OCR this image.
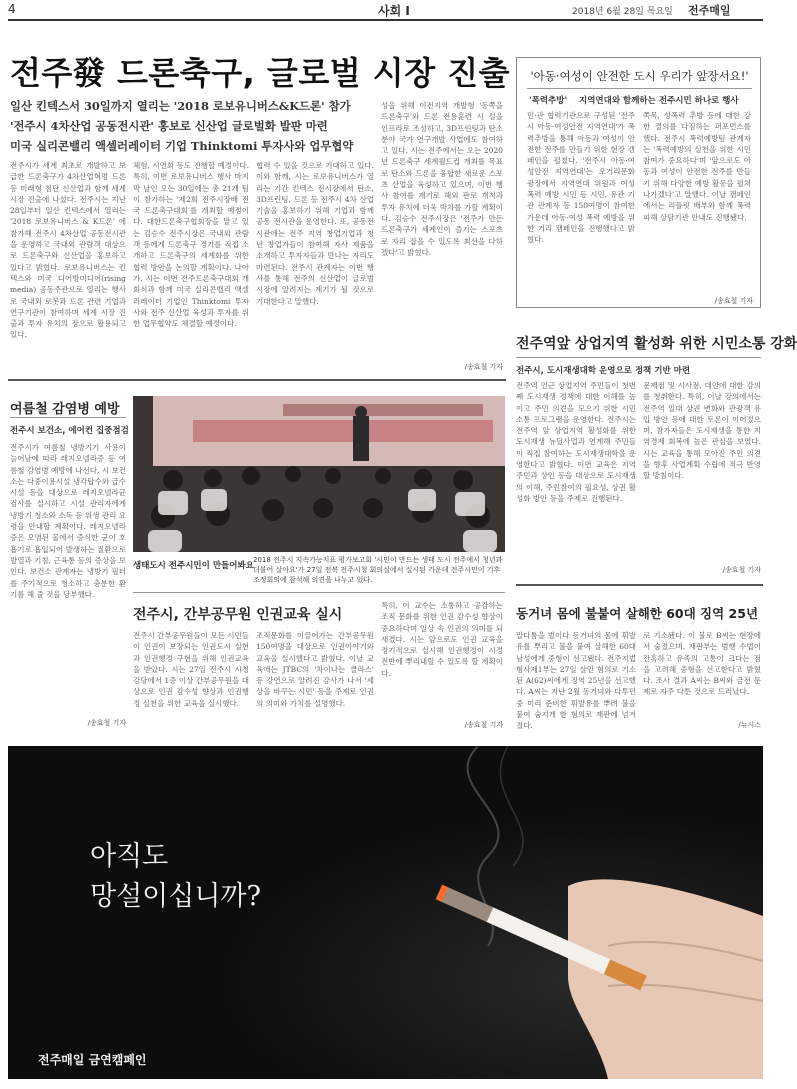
4	사회 I	2018년 6월 28일 목요일 전주매일
전주發 드론축구, 글로벌 시장 진출
일산 킨텍스서 30일까지 열리는 '2018 로보유니버스&K드론' 참가
'전주시 4차산업 공동전시관' 홍보로 신산업 글로벌화 발판 마련
미국 실리콘밸리 액셀러레이터 기업 Thinktomi 투자사와 업무협약
전주시가 세계 최초로 개발하고 보급한 드론축구가 4차산업혁명 드론등 미래형 첨단 신산업과 함께 세계 시장 진출에 나섰다. 전주시는 지난 28일부터 일산 킨텍스에서 열리는 '2018 로보유니버스 & K드론' 에 참가해 전주시 4차산업 공동전시관을 운영하고 국내외 관람객 대상으로 드론축구와 신산업을 홍보하고 있다고 밝혔다. 로보유니버스는 킨텍스와 미국 디어방미디어(rising media) 공동주관으로 열리는 행사로 국내외 로봇과 드론 관련 기업과 연구기관이 참여하며 세계 시장 진출과 투자 유치의 장으로 활용되고 있다.
체험, 시연회 등도 진행할 예정이다. 특히, 이번 로보유니버스 행사 마지막 날인 오는 30일에는 총 21개 팀이 참가하는 '제2회 전주시장배 전국 드론축구대회'를 개최할 예정이다. 대한드론축구협회장을 맡고 있는 김승수 전주시장은 국내외 관람객 등에게 드론축구 경기를 직접 소개하고 드론축구의 세계화를 위한 협력 방안을 논의할 계획이다. 나아가, 시는 이번 전주드론축구대회 개회식과 함께 미국 실리콘밸리 액셀러레이터 기업인 Thinktomi 투자사와 전주 신산업 육성과 투자를 위한 업무협약도 체결할 예정이다.
협력 수 있을 것으로 기대하고 있다. 이와 함께, 시는 로보유니버스가 열리는 기간 킨텍스 전시장에서 탄소, 3D프린팅, 드론 등 전주시 4차 산업 기술을 홍보하기 위해 기업과 함께 공동 전시관을 운영한다. 또, 공동전시관에는 전주 지역 창업기업과 청년 창업가들이 참여해 자사 제품을 소개하고 투자자들과 만나는 자리도 마련된다. 전주시 관계자는 이번 행사를 통해 전주의 신산업이 글로벌 시장에 알려지는 계기가 될 것으로 기대한다고 말했다.
성을 위해 이전지역 개발형 '동쪽을 드론축구'와 드론 전용훈련 시 설을 인프라로 조성하고, 3D프린팅과 탄소 분야 국가 연구개발 사업에도 참여하고 있다. 시는 전주에서는 오는 2020년 드론축구 세계월드컵 개최를 목표로 탄소와 드론을 융합한 새로운 스포츠 산업을 육성하고 있으며, 이번 행사 참여를 계기로 해외 판로 개척과 투자 유치에 더욱 박차를 가할 계획이다. 김승수 전주시장은 '전주가 만든 드론축구가 세계인이 즐기는 스포츠로 자리 잡을 수 있도록 최선을 다하겠다'고 밝혔다.
/송효철 기자
'아동·여성이 안전한 도시 우리가 앞장서요!'
'폭력추방' 지역연대와 함께하는 전주시민 하나로 행사
민·관 협력기관으로 구성된 '전주시 아동·여성안전 지역연대'가 폭력추방을 통해 아동과 여성이 안전한 전주를 만들기 위한 현장 캠페인을 펼쳤다. '전주시 아동·여성안전 지역연대'는 오거리문화광장에서 지역연대 위원과 여성폭력 예방 시민 등 시민, 유관 기관 관계자 등 150여명이 참여한 가운데 아동·여성 폭력 예방을 위한 거리 캠페인을 진행했다고 밝혔다.
쪽목, 성폭력 추방 등에 대한 강한 결의를 다짐하는 퍼포먼스를 했다. 전주시 폭력예방팀 관계자는 '폭력예방의 실천을 위한 시민 참여가 중요하다'며 '앞으로도 아동과 여성이 안전한 전주를 만들기 위해 다양한 예방 활동을 펼쳐 나가겠다'고 말했다. 이날 캠페인에서는 리플릿 배부와 함께 폭력 피해 상담기관 안내도 진행됐다.
/송효철 기자
전주역앞 상업지역 활성화 위한 시민소통 강화
전주시, 도시재생대학 운영으로 정책 기반 마련
전주역 인근 상업지역 주민들이 첫번째 도시재생 정책에 대한 이해를 높이고 주민 의견을 모으기 위한 시민소통 프로그램을 운영한다. 전주시는 전주역 앞 상업지역 활성화를 위한 도시재생 뉴딜사업과 연계해 주민들이 직접 참여하는 도시재생대학을 운영한다고 밝혔다. 이번 교육은 지역 주민과 상인 등을 대상으로 도시재생의 이해, 주민참여의 필요성, 상권 활성화 방안 등을 주제로 진행된다.
문제점 및 시사점, 대안에 대한 강의를 청취한다. 특히, 이날 강의에서는 전주역 일대 상권 변화와 관광객 유입 방안 등에 대한 토론이 이어졌으며, 참가자들은 도시재생을 통한 지역경제 회복에 높은 관심을 보였다. 시는 교육을 통해 모아진 주민 의견을 향후 사업계획 수립에 적극 반영할 방침이다.
/송효철 기자
여름철 감염병 예방
전주시 보건소, 에어컨 집중점검
전주시가 여름철 냉방기기 사용이 늘어남에 따라 레지오넬라증 등 여름철 감염병 예방에 나선다. 시 보건소는 다중이용시설 냉각탑수와 급수시설 등을 대상으로 레지오넬라균 검사를 실시하고 시설 관리자에게 냉방기 청소와 소독 등 위생 관리 요령을 안내할 계획이다. 레지오넬라증은 오염된 물에서 증식한 균이 호흡기로 흡입되어 발생하는 질환으로 발열과 기침, 근육통 등의 증상을 보인다. 보건소 관계자는 냉방기 필터를 주기적으로 청소하고 충분한 환기를 해 줄 것을 당부했다.
/송효철 기자
생태도시 전주시민이 만들어봐요
2018 전주시 지속가능지표 평가보고회 '시민이 만드는 생태 도시 전주에서 청년과 더불어 살아요'가 27일 전북 전주시청 회의실에서 실시된 가운데 전주시민이 기후조정회의에 참석해 의견을 나누고 있다.
전주시, 간부공무원 인권교육 실시
전주시 간부공무원들이 모든 시민들이 인권이 보장되는 인권도시 실현과 인권행정 구현을 위해 인권교육을 받았다. 시는 27일 전주시 시청강당에서 1층 이상 간부공무원을 대상으로 인권 감수성 향상과 인권행정 실천을 위한 교육을 실시했다.
조직문화를 이끌어가는 간부공무원 150여명을 대상으로 인권이야기와 교육을 실시했다고 밝혔다. 이날 교육에는 JTBC의 '차이나는 클라스' 등 강연으로 알려진 강사가 나서 '세상을 바꾸는 시민' 등을 주제로 인권의 의미와 가치를 설명했다.
특히, 이 교수는 소통하고 공감하는 조직 문화를 위한 인권 감수성 향상이 중요하다며 일상 속 인권의 의미를 되새겼다. 시는 앞으로도 인권 교육을 정기적으로 실시해 인권행정이 시정 전반에 뿌리내릴 수 있도록 할 계획이다.
/송효철 기자
동거녀 몸에 불붙여 살해한 60대 징역 25년
말다툼을 벌이다 동거녀의 몸에 휘발유를 뿌리고 불을 붙여 살해한 60대 남성에게 중형이 선고됐다. 전주지법 형사제1부는 27일 살인 혐의로 기소된 A(62)씨에게 징역 25년을 선고했다. A씨는 지난 2월 동거녀와 다투던 중 미리 준비한 휘발유를 뿌려 불을 붙여 숨지게 한 혐의로 재판에 넘겨졌다.
로 기소됐다. 이 불로 B씨는 현장에서 숨졌으며, 재판부는 범행 수법이 잔혹하고 유족의 고통이 크다는 점을 고려해 중형을 선고한다고 밝혔다. 조사 결과 A씨는 B씨와 금전 문제로 자주 다툰 것으로 드러났다.
/뉴시스
아직도
망설이십니까?
전주매일 금연캠페인
